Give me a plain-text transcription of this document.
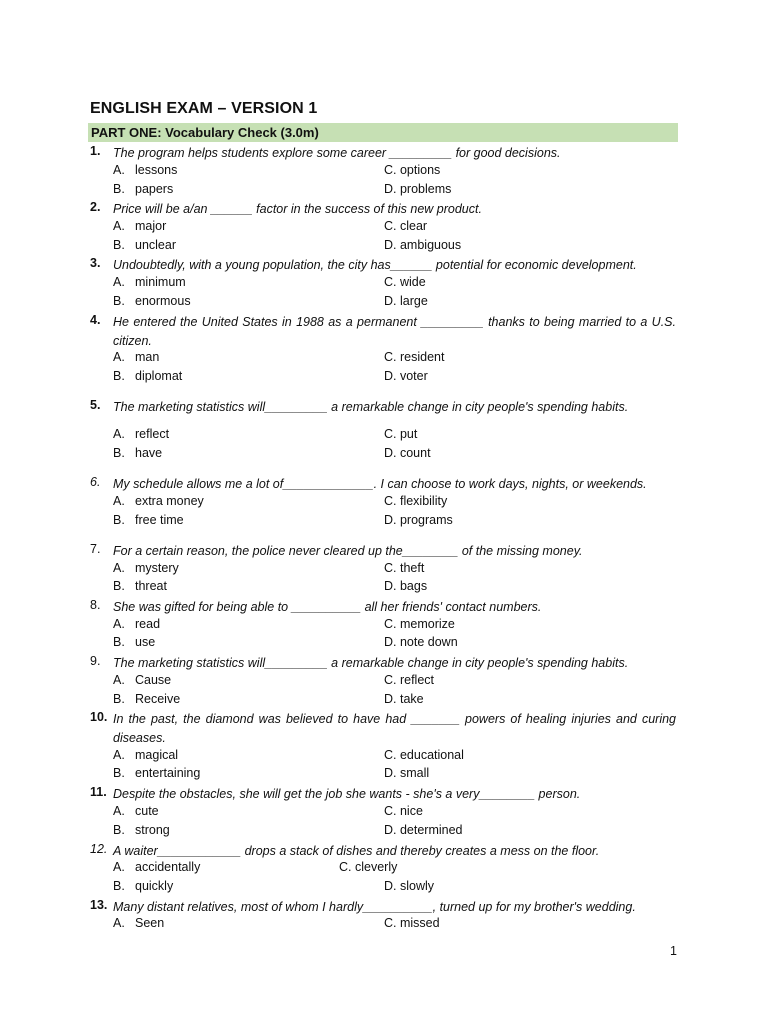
ENGLISH EXAM – VERSION 1
PART ONE: Vocabulary Check (3.0m)
1.	The program helps students explore some career _________ for good decisions.
A. lessons
B. papers
C. options
D. problems
2.	Price will be a/an ______ factor in the success of this new product.
A. major
B. unclear
C. clear
D. ambiguous
3.	Undoubtedly, with a young population, the city has______ potential for economic development.
A. minimum
B. enormous
C. wide
D. large
4.	He entered the United States in 1988 as a permanent _________ thanks to being married to a U.S. citizen.
A. man
B. diplomat
C. resident
D. voter
5.	The marketing statistics will_________ a remarkable change in city people's spending habits.
A. reflect
B. have
C. put
D. count
6.	My schedule allows me a lot of_____________. I can choose to work days, nights, or weekends.
A. extra money
B. free time
C. flexibility
D. programs
7.	For a certain reason, the police never cleared up the________ of the missing money.
A. mystery
B. threat
C. theft
D. bags
8.	She was gifted for being able to __________ all her friends' contact numbers.
A. read
B. use
C. memorize
D. note down
9.	The marketing statistics will_________ a remarkable change in city people's spending habits.
A. Cause
B. Receive
C. reflect
D. take
10. In the past, the diamond was believed to have had _______ powers of healing injuries and curing diseases.
A. magical
B. entertaining
C. educational
D. small
11. Despite the obstacles, she will get the job she wants - she's a very________ person.
A. cute
B. strong
C. nice
D. determined
12. A waiter____________ drops a stack of dishes and thereby creates a mess on the floor.
A. accidentally
B. quickly
C. cleverly
D. slowly
13. Many distant relatives, most of whom I hardly__________, turned up for my brother's wedding.
A. Seen	C. missed
1
